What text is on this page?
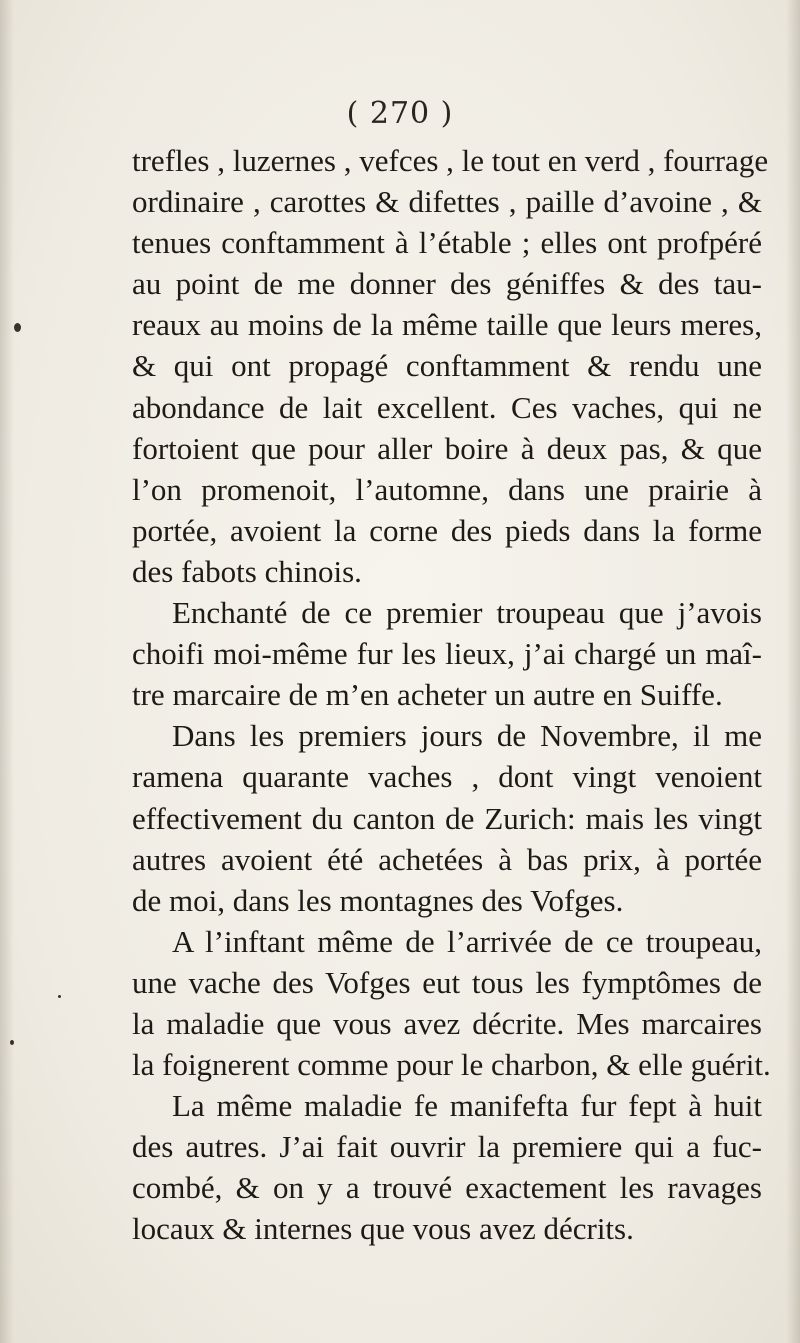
( 270 )
trefles , luzernes , vefces , le tout en verd , fourrage
ordinaire , carottes & difettes , paille d’avoine , &
tenues conftamment à l’étable ; elles ont profpéré
au point de me donner des géniffes & des tau-
reaux au moins de la même taille que leurs meres,
& qui ont propagé conftamment & rendu une
abondance de lait excellent. Ces vaches, qui ne
fortoient que pour aller boire à deux pas, & que
l’on promenoit, l’automne, dans une prairie à
portée, avoient la corne des pieds dans la forme
des fabots chinois.
Enchanté de ce premier troupeau que j’avois
choifi moi-même fur les lieux, j’ai chargé un maî-
tre marcaire de m’en acheter un autre en Suiffe.
Dans les premiers jours de Novembre, il me
ramena quarante vaches , dont vingt venoient
effectivement du canton de Zurich: mais les vingt
autres avoient été achetées à bas prix, à portée
de moi, dans les montagnes des Vofges.
A l’inftant même de l’arrivée de ce troupeau,
une vache des Vofges eut tous les fymptômes de
la maladie que vous avez décrite. Mes marcaires
la foignerent comme pour le charbon, & elle guérit.
La même maladie fe manifefta fur fept à huit
des autres. J’ai fait ouvrir la premiere qui a fuc-
combé, & on y a trouvé exactement les ravages
locaux & internes que vous avez décrits.
